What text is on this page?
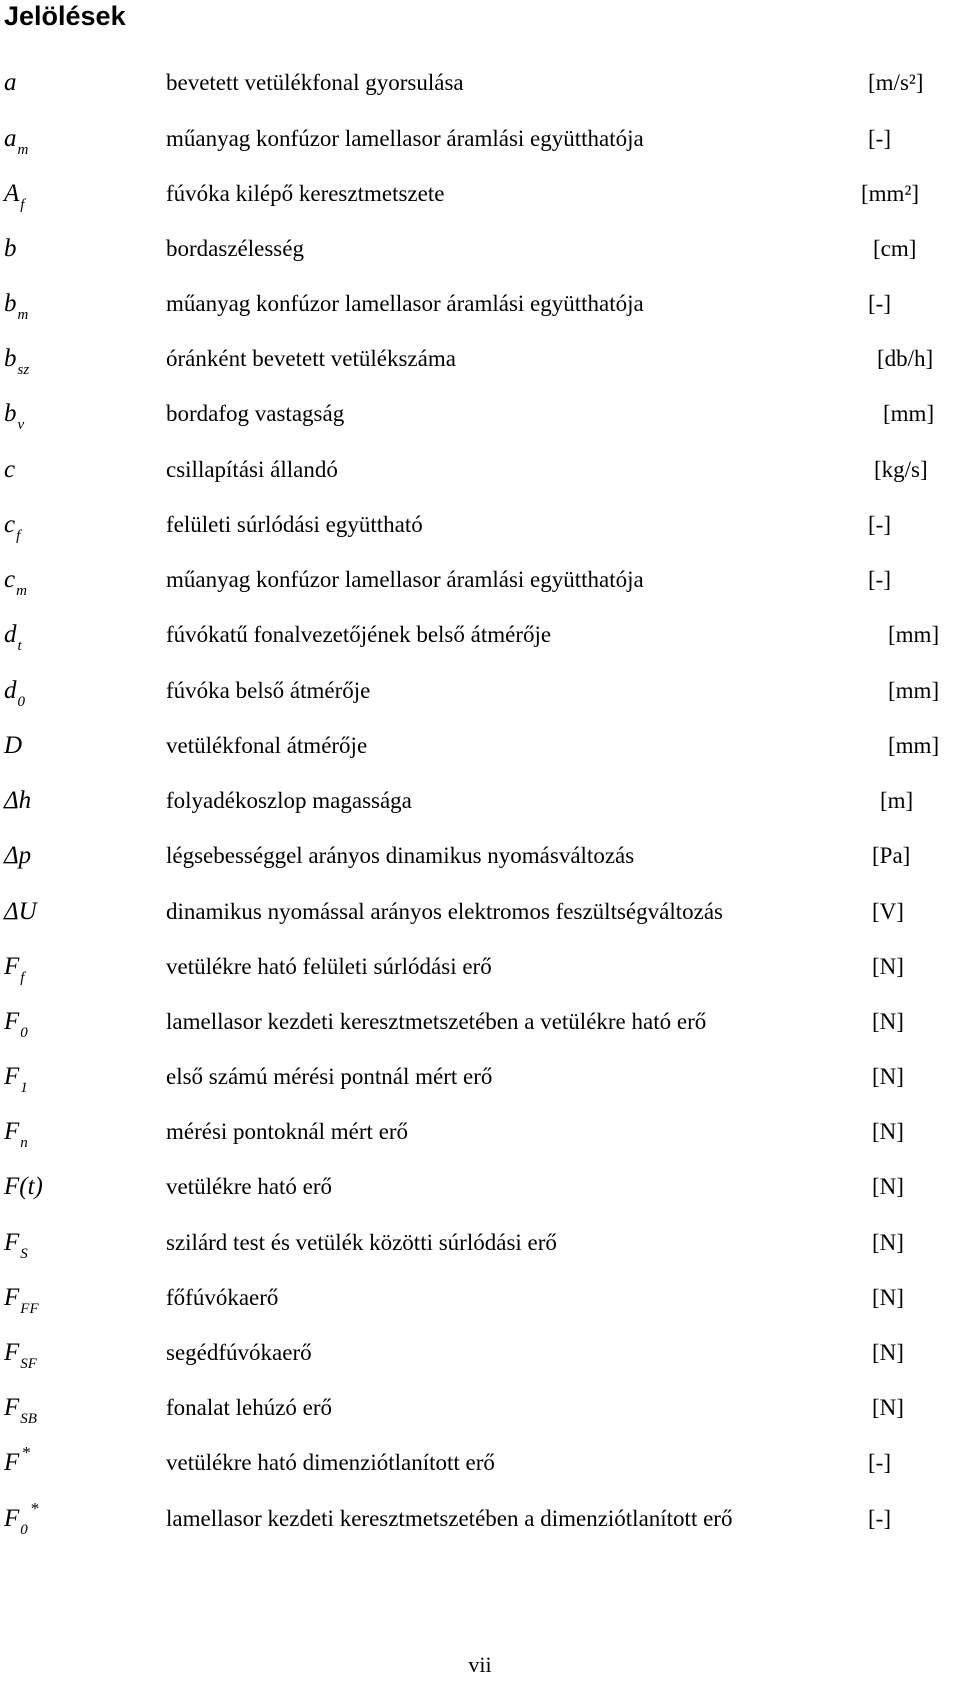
Jelölések
a	bevetett vetülékfonal gyorsulása	[m/s²]
$a_m$	műanyag konfúzor lamellasor áramlási együtthatója	[-]
$A_f$	fúvóka kilépő keresztmetszete	[mm²]
b	bordaszélesség	[cm]
$b_m$	műanyag konfúzor lamellasor áramlási együtthatója	[-]
$b_{sz}$	óránként bevetett vetülékszáma	[db/h]
$b_v$	bordafog vastagság	[mm]
c	csillapítási állandó	[kg/s]
$c_f$	felületi súrlódási együttható	[-]
$c_m$	műanyag konfúzor lamellasor áramlási együtthatója	[-]
$d_t$	fúvókatű fonalvezetőjének belső átmérője	[mm]
$d_0$	fúvóka belső átmérője	[mm]
D	vetülékfonal átmérője	[mm]
Δh	folyadékoszlop magassága	[m]
Δp	légsebességgel arányos dinamikus nyomásváltozás	[Pa]
ΔU	dinamikus nyomással arányos elektromos feszültségváltozás	[V]
$F_f$	vetülékre ható felületi súrlódási erő	[N]
$F_0$	lamellasor kezdeti keresztmetszetében a vetülékre ható erő	[N]
$F_1$	első számú mérési pontnál mért erő	[N]
$F_n$	mérési pontoknál mért erő	[N]
F(t)	vetülékre ható erő	[N]
$F_S$	szilárd test és vetülék közötti súrlódási erő	[N]
$F_{FF}$	főfúvókaerő	[N]
$F_{SF}$	segédfúvókaerő	[N]
$F_{SB}$	fonalat lehúzó erő	[N]
F *	vetülékre ható dimenziótlanított erő	[-]
$F_0^*$	lamellasor kezdeti keresztmetszetében a dimenziótlanított erő	[-]
vii
